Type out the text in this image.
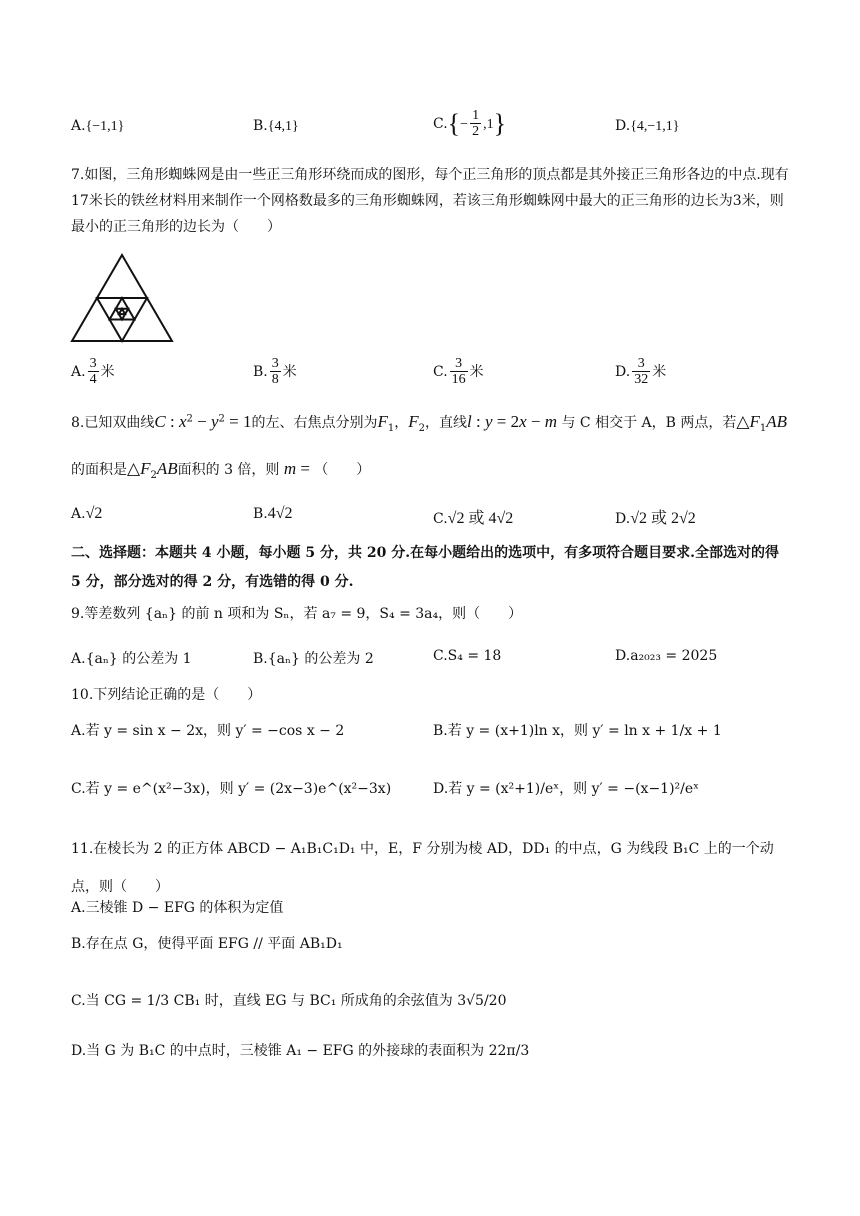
A.{−1,1}	B.{4,1}	$C.\{- \frac{1}{2} ,1\}$	D.{4,−1,1}
7.如图，三角形蜘蛛网是由一些正三角形环绕而成的图形，每个正三角形的顶点都是其外接正三角形各边的中点.现有17米长的铁丝材料用来制作一个网格数最多的三角形蜘蛛网，若该三角形蜘蛛网中最大的正三角形的边长为3米，则最小的正三角形的边长为（　　）
A. $\frac{3}{4}$ 米	B. $\frac{3}{8}$ 米	C. $\frac{3}{16}$ 米	D. $\frac{3}{32}$ 米
8.已知双曲线C : $x^2 - y^2 = 1$的左、右焦点分别为$F_1$，$F_2$，直线l : y = 2x − m 与 C 相交于 A，B 两点，若$\triangle F_1AB$
的面积是$\triangle F_2AB$面积的 3 倍，则 m = （　　）
A.√2	B.4√2	C.√2 或 4√2	D.√2 或 2√2
二、选择题：本题共 4 小题，每小题 5 分，共 20 分.在每小题给出的选项中，有多项符合题目要求.全部选对的得 5 分，部分选对的得 2 分，有选错的得 0 分.
9.等差数列 {aₙ} 的前 n 项和为 Sₙ，若 a₇ = 9，S₄ = 3a₄，则（　　）
A.{aₙ} 的公差为 1	B.{aₙ} 的公差为 2	C.S₄ = 18	D.a₂₀₂₃ = 2025
10.下列结论正确的是（　　）
A.若 y = sin x − 2x，则 y′ = −cos x − 2	B.若 y = (x+1)ln x，则 y′ = ln x + 1/x + 1
C.若 y = e^(x²−3x)，则 y′ = (2x−3)e^(x²−3x)	D.若 y = (x²+1)/eˣ，则 y′ = −(x−1)²/eˣ
11.在棱长为 2 的正方体 ABCD − A₁B₁C₁D₁ 中，E，F 分别为棱 AD，DD₁ 的中点，G 为线段 B₁C 上的一个动点，则（　　）
A.三棱锥 D − EFG 的体积为定值
B.存在点 G，使得平面 EFG // 平面 AB₁D₁
C.当 CG = 1/3 CB₁ 时，直线 EG 与 BC₁ 所成角的余弦值为 3√5/20
D.当 G 为 B₁C 的中点时，三棱锥 A₁ − EFG 的外接球的表面积为 22π/3
